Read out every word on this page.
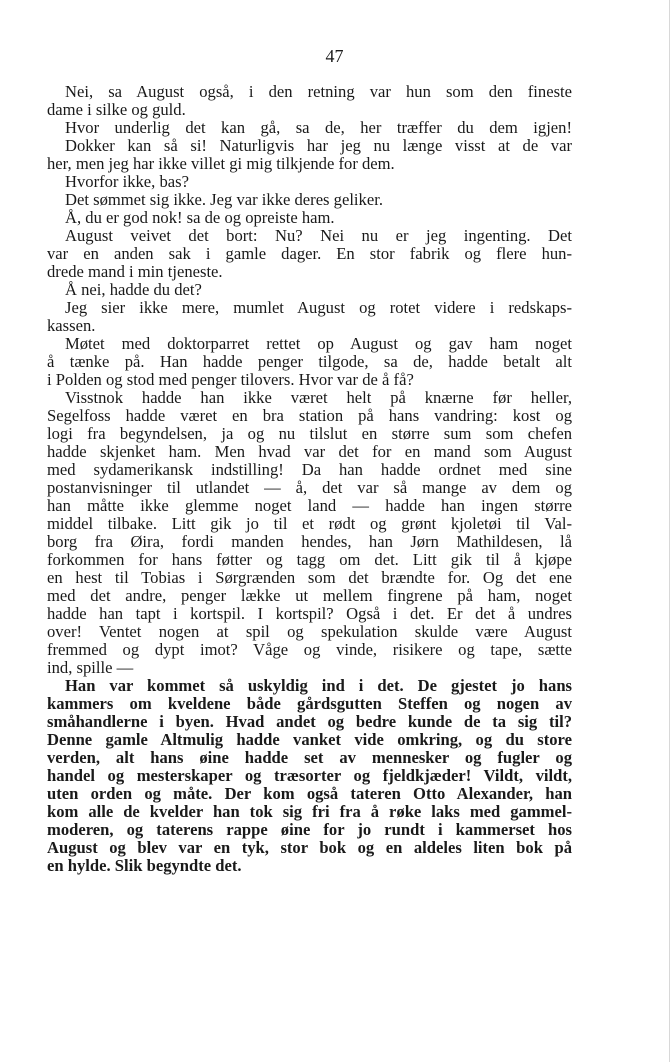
47
Nei, sa August også, i den retning var hun som den fineste
dame i silke og guld.
Hvor underlig det kan gå, sa de, her træffer du dem igjen!
Dokker kan så si! Naturligvis har jeg nu længe visst at de var
her, men jeg har ikke villet gi mig tilkjende for dem.
Hvorfor ikke, bas?
Det sømmet sig ikke. Jeg var ikke deres geliker.
Å, du er god nok! sa de og opreiste ham.
August veivet det bort: Nu? Nei nu er jeg ingenting. Det
var en anden sak i gamle dager. En stor fabrik og flere hun-
drede mand i min tjeneste.
Å nei, hadde du det?
Jeg sier ikke mere, mumlet August og rotet videre i redskaps-
kassen.
Møtet med doktorparret rettet op August og gav ham noget
å tænke på. Han hadde penger tilgode, sa de, hadde betalt alt
i Polden og stod med penger tilovers. Hvor var de å få?
Visstnok hadde han ikke været helt på knærne før heller,
Segelfoss hadde været en bra station på hans vandring: kost og
logi fra begyndelsen, ja og nu tilslut en større sum som chefen
hadde skjenket ham. Men hvad var det for en mand som August
med sydamerikansk indstilling! Da han hadde ordnet med sine
postanvisninger til utlandet — å, det var så mange av dem og
han måtte ikke glemme noget land — hadde han ingen større
middel tilbake. Litt gik jo til et rødt og grønt kjoletøi til Val-
borg fra Øira, fordi manden hendes, han Jørn Mathildesen, lå
forkommen for hans føtter og tagg om det. Litt gik til å kjøpe
en hest til Tobias i Sørgrænden som det brændte for. Og det ene
med det andre, penger lække ut mellem fingrene på ham, noget
hadde han tapt i kortspil. I kortspil? Også i det. Er det å undres
over! Ventet nogen at spil og spekulation skulde være August
fremmed og dypt imot? Våge og vinde, risikere og tape, sætte
ind, spille —
Han var kommet så uskyldig ind i det. De gjestet jo hans
kammers om kveldene både gårdsgutten Steffen og nogen av
småhandlerne i byen. Hvad andet og bedre kunde de ta sig til?
Denne gamle Altmulig hadde vanket vide omkring, og du store
verden, alt hans øine hadde set av mennesker og fugler og
handel og mesterskaper og træsorter og fjeldkjæder! Vildt, vildt,
uten orden og måte. Der kom også tateren Otto Alexander, han
kom alle de kvelder han tok sig fri fra å røke laks med gammel-
moderen, og taterens rappe øine for jo rundt i kammerset hos
August og blev var en tyk, stor bok og en aldeles liten bok på
en hylde. Slik begyndte det.
